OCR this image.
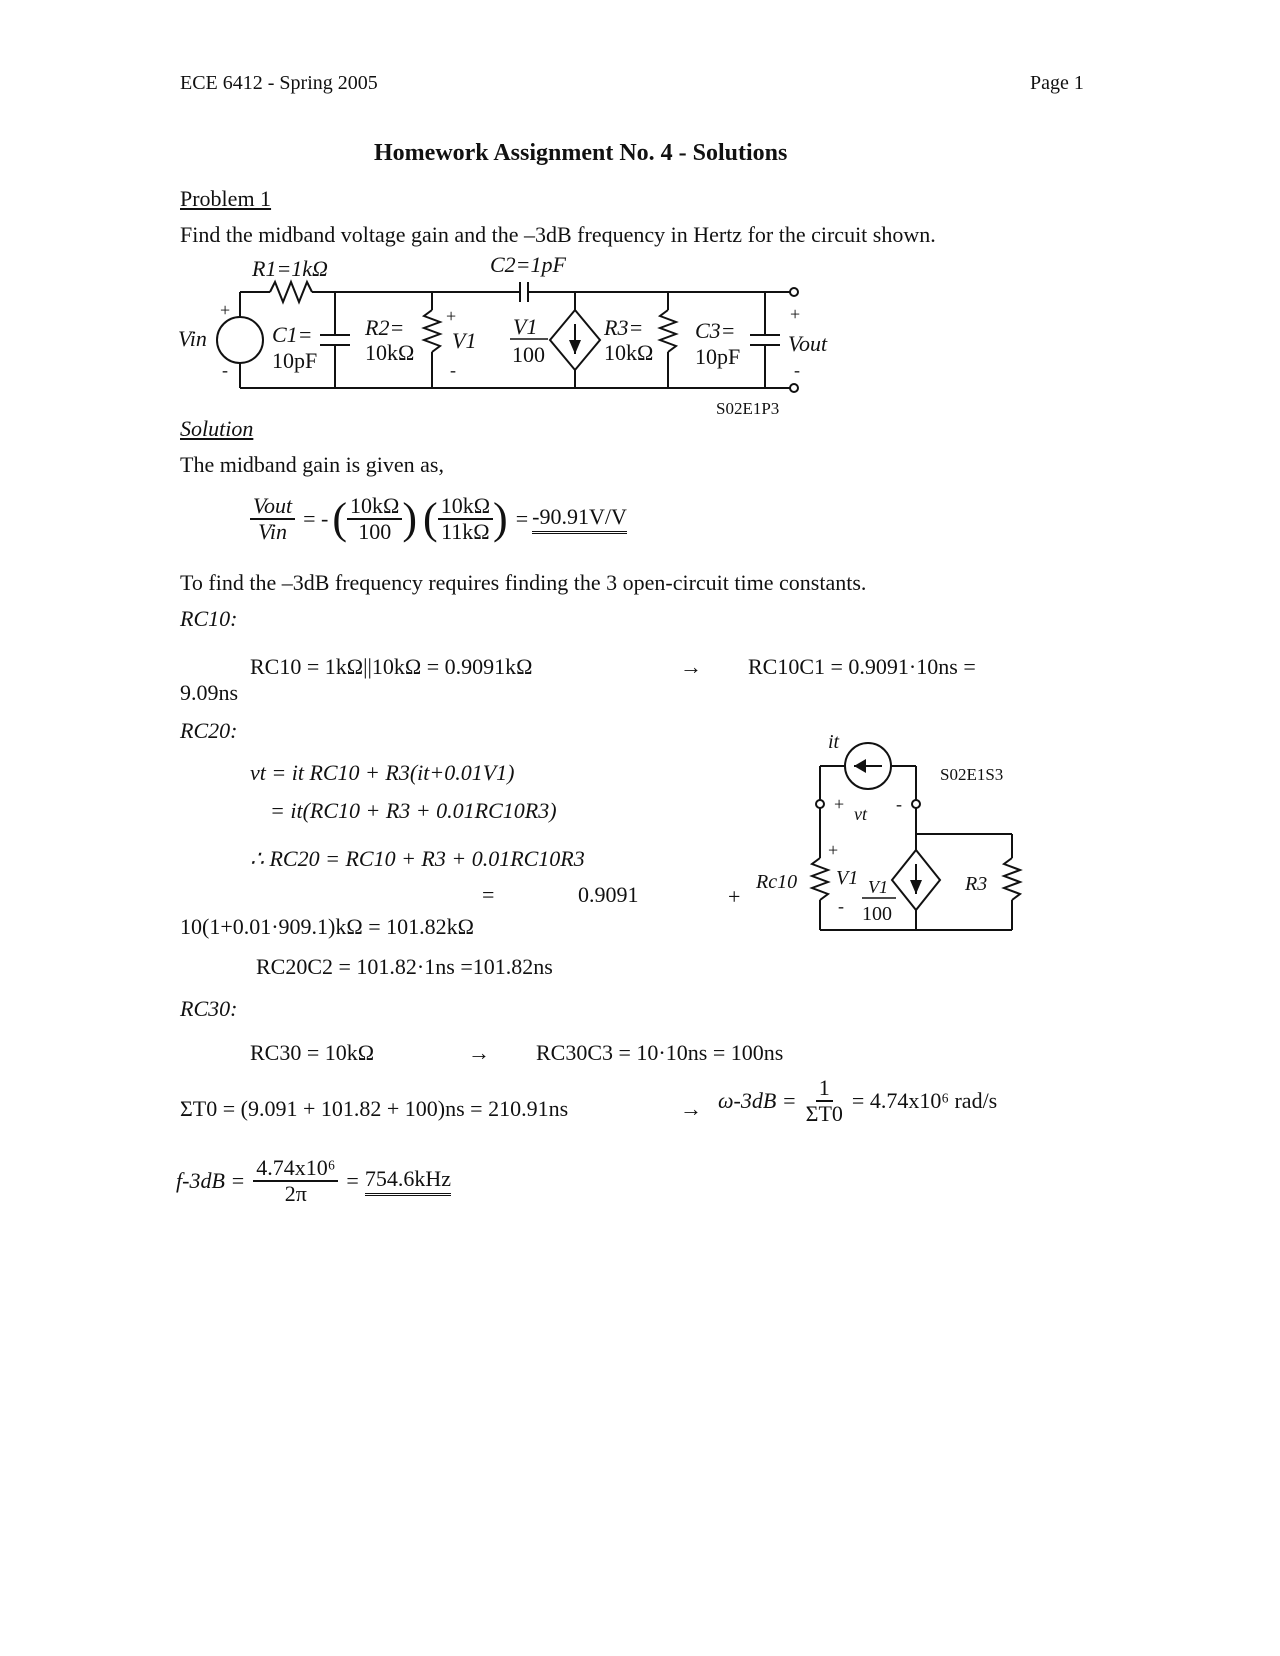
ECE 6412 - Spring 2005	Page 1
Homework Assignment No. 4 - Solutions
Problem 1
Find the midband voltage gain and the –3dB frequency in Hertz for the circuit shown.
R1=1kΩ	C2=1pF
Vin
+
-
C1=
10pF
R2=
10kΩ
+
V1
-
V1
100
R3=
10kΩ
C3=
10pF
+
Vout
-
S02E1P3
Solution
The midband gain is given as,
$\frac{\text{Vout}}{\text{Vin}}$ = - ( $\frac{10k\Omega}{100}$ ) ( $\frac{10k\Omega}{11k\Omega}$ ) = -90.91V/V
To find the –3dB frequency requires finding the 3 open-circuit time constants.
RC10:
RC10 = 1kΩ||10kΩ = 0.9091kΩ	→ RC10C1 = 0.9091·10ns =
9.09ns
RC20:
vt = it RC10 + R3(it+0.01V1)
= it(RC10 + R3 + 0.01RC10R3)
∴ RC20 = RC10 + R3 + 0.01RC10R3
=	0.9091	+
10(1+0.01·909.1)kΩ = 101.82kΩ
RC20C2 = 101.82·1ns =101.82ns
RC30:
RC30 = 10kΩ	→ RC30C3 = 10·10ns = 100ns
ΣT0 = (9.091 + 101.82 + 100)ns = 210.91ns	→ $\omega-3dB = \frac{1}{\Sigma T0} = 4.74x10^6$ rad/s
$f-3dB = \frac{\text{4.74x10⁶}}{2\pi} = 754.6kHz$
it
S02E1S3
+ vt -
+
Rc10 V1
-
V1
100
R3
